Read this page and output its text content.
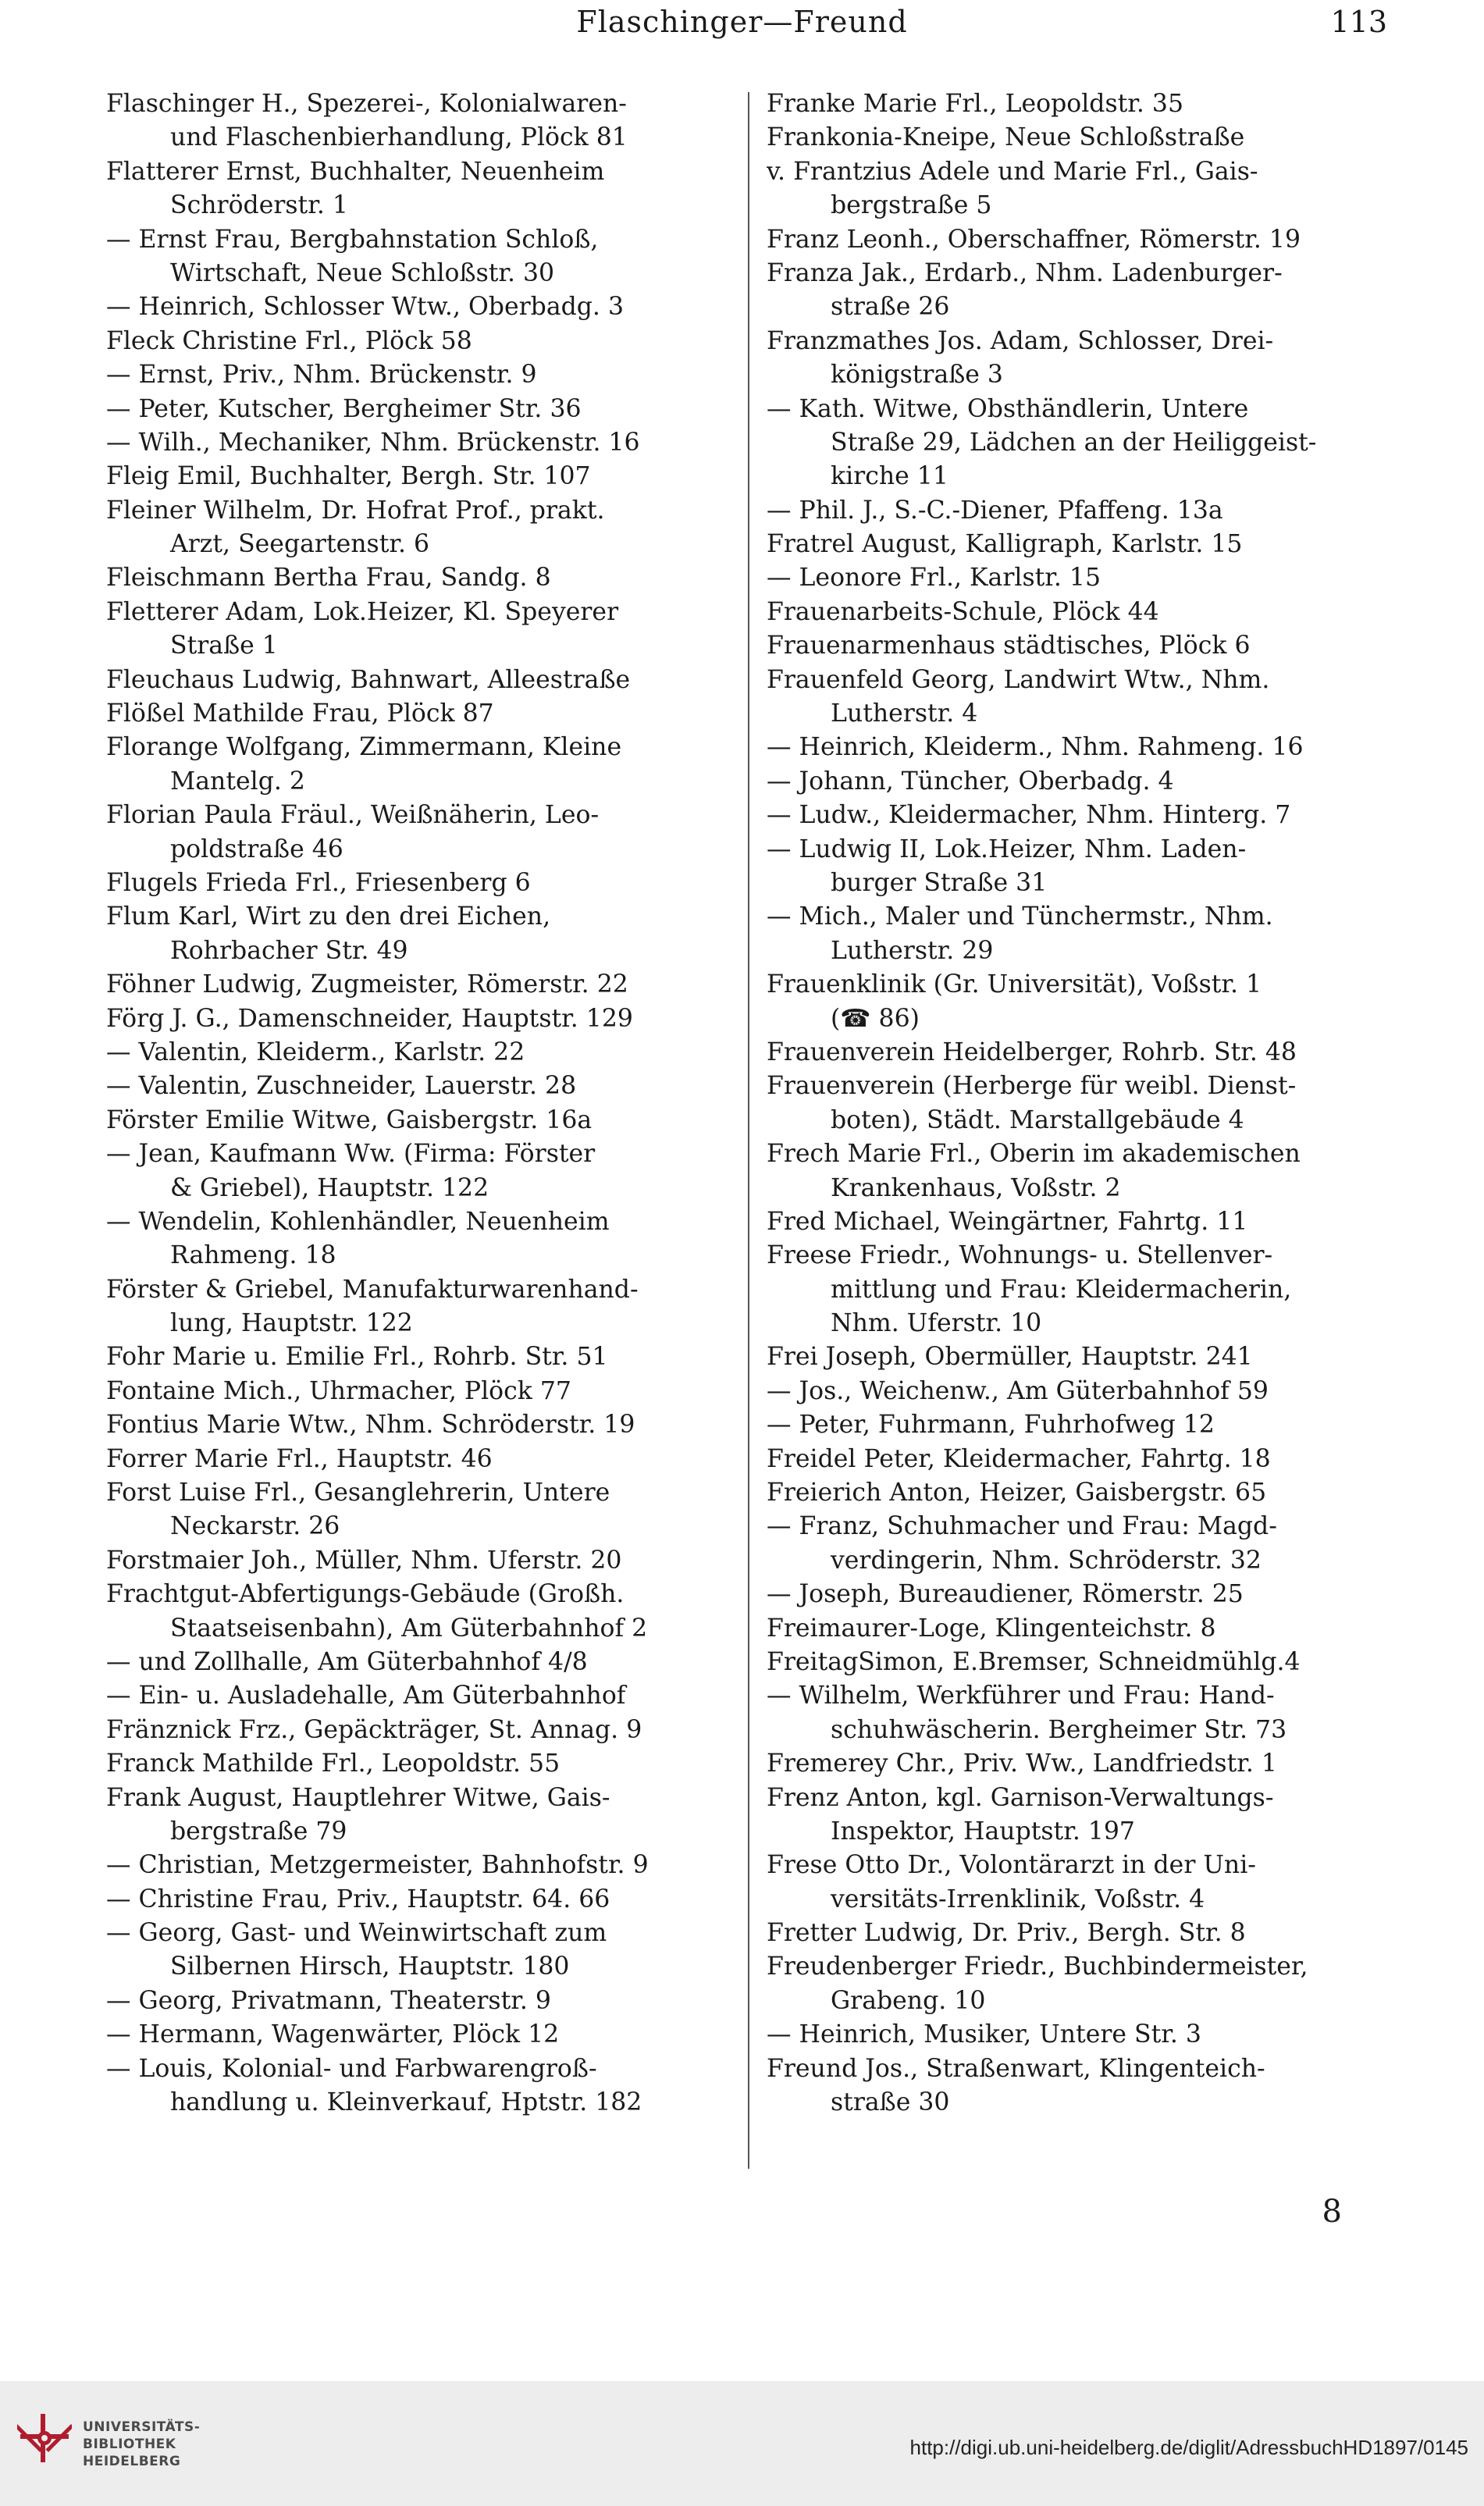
Flaschinger—Freund	113
Flaschinger H., Spezerei-, Kolonialwaren-
und Flaschenbierhandlung, Plöck 81
Flatterer Ernst, Buchhalter, Neuenheim
Schröderstr. 1
— Ernst Frau, Bergbahnstation Schloß,
Wirtschaft, Neue Schloßstr. 30
— Heinrich, Schlosser Wtw., Oberbadg. 3
Fleck Christine Frl., Plöck 58
— Ernst, Priv., Nhm. Brückenstr. 9
— Peter, Kutscher, Bergheimer Str. 36
— Wilh., Mechaniker, Nhm. Brückenstr. 16
Fleig Emil, Buchhalter, Bergh. Str. 107
Fleiner Wilhelm, Dr. Hofrat Prof., prakt.
Arzt, Seegartenstr. 6
Fleischmann Bertha Frau, Sandg. 8
Fletterer Adam, Lok.Heizer, Kl. Speyerer
Straße 1
Fleuchaus Ludwig, Bahnwart, Alleestraße
Flößel Mathilde Frau, Plöck 87
Florange Wolfgang, Zimmermann, Kleine
Mantelg. 2
Florian Paula Fräul., Weißnäherin, Leo-
poldstraße 46
Flugels Frieda Frl., Friesenberg 6
Flum Karl, Wirt zu den drei Eichen,
Rohrbacher Str. 49
Föhner Ludwig, Zugmeister, Römerstr. 22
Förg J. G., Damenschneider, Hauptstr. 129
— Valentin, Kleiderm., Karlstr. 22
— Valentin, Zuschneider, Lauerstr. 28
Förster Emilie Witwe, Gaisbergstr. 16a
— Jean, Kaufmann Ww. (Firma: Förster
& Griebel), Hauptstr. 122
— Wendelin, Kohlenhändler, Neuenheim
Rahmeng. 18
Förster & Griebel, Manufakturwarenhand-
lung, Hauptstr. 122
Fohr Marie u. Emilie Frl., Rohrb. Str. 51
Fontaine Mich., Uhrmacher, Plöck 77
Fontius Marie Wtw., Nhm. Schröderstr. 19
Forrer Marie Frl., Hauptstr. 46
Forst Luise Frl., Gesanglehrerin, Untere
Neckarstr. 26
Forstmaier Joh., Müller, Nhm. Uferstr. 20
Frachtgut-Abfertigungs-Gebäude (Großh.
Staatseisenbahn), Am Güterbahnhof 2
— und Zollhalle, Am Güterbahnhof 4/8
— Ein- u. Ausladehalle, Am Güterbahnhof
Fränznick Frz., Gepäckträger, St. Annag. 9
Franck Mathilde Frl., Leopoldstr. 55
Frank August, Hauptlehrer Witwe, Gais-
bergstraße 79
— Christian, Metzgermeister, Bahnhofstr. 9
— Christine Frau, Priv., Hauptstr. 64. 66
— Georg, Gast- und Weinwirtschaft zum
Silbernen Hirsch, Hauptstr. 180
— Georg, Privatmann, Theaterstr. 9
— Hermann, Wagenwärter, Plöck 12
— Louis, Kolonial- und Farbwarengroß-
handlung u. Kleinverkauf, Hptstr. 182
Franke Marie Frl., Leopoldstr. 35
Frankonia-Kneipe, Neue Schloßstraße
v. Frantzius Adele und Marie Frl., Gais-
bergstraße 5
Franz Leonh., Oberschaffner, Römerstr. 19
Franza Jak., Erdarb., Nhm. Ladenburger-
straße 26
Franzmathes Jos. Adam, Schlosser, Drei-
königstraße 3
— Kath. Witwe, Obsthändlerin, Untere
Straße 29, Lädchen an der Heiliggeist-
kirche 11
— Phil. J., S.-C.-Diener, Pfaffeng. 13a
Fratrel August, Kalligraph, Karlstr. 15
— Leonore Frl., Karlstr. 15
Frauenarbeits-Schule, Plöck 44
Frauenarmenhaus städtisches, Plöck 6
Frauenfeld Georg, Landwirt Wtw., Nhm.
Lutherstr. 4
— Heinrich, Kleiderm., Nhm. Rahmeng. 16
— Johann, Tüncher, Oberbadg. 4
— Ludw., Kleidermacher, Nhm. Hinterg. 7
— Ludwig II, Lok.Heizer, Nhm. Laden-
burger Straße 31
— Mich., Maler und Tünchermstr., Nhm.
Lutherstr. 29
Frauenklinik (Gr. Universität), Voßstr. 1
(☎ 86)
Frauenverein Heidelberger, Rohrb. Str. 48
Frauenverein (Herberge für weibl. Dienst-
boten), Städt. Marstallgebäude 4
Frech Marie Frl., Oberin im akademischen
Krankenhaus, Voßstr. 2
Fred Michael, Weingärtner, Fahrtg. 11
Freese Friedr., Wohnungs- u. Stellenver-
mittlung und Frau: Kleidermacherin,
Nhm. Uferstr. 10
Frei Joseph, Obermüller, Hauptstr. 241
— Jos., Weichenw., Am Güterbahnhof 59
— Peter, Fuhrmann, Fuhrhofweg 12
Freidel Peter, Kleidermacher, Fahrtg. 18
Freierich Anton, Heizer, Gaisbergstr. 65
— Franz, Schuhmacher und Frau: Magd-
verdingerin, Nhm. Schröderstr. 32
— Joseph, Bureaudiener, Römerstr. 25
Freimaurer-Loge, Klingenteichstr. 8
FreitagSimon, E.Bremser, Schneidmühlg.4
— Wilhelm, Werkführer und Frau: Hand-
schuhwäscherin. Bergheimer Str. 73
Fremerey Chr., Priv. Ww., Landfriedstr. 1
Frenz Anton, kgl. Garnison-Verwaltungs-
Inspektor, Hauptstr. 197
Frese Otto Dr., Volontärarzt in der Uni-
versitäts-Irrenklinik, Voßstr. 4
Fretter Ludwig, Dr. Priv., Bergh. Str. 8
Freudenberger Friedr., Buchbindermeister,
Grabeng. 10
— Heinrich, Musiker, Untere Str. 3
Freund Jos., Straßenwart, Klingenteich-
straße 30
8
UNIVERSITÄTS-
BIBLIOTHEK
HEIDELBERG
http://digi.ub.uni-heidelberg.de/diglit/AdressbuchHD1897/0145
